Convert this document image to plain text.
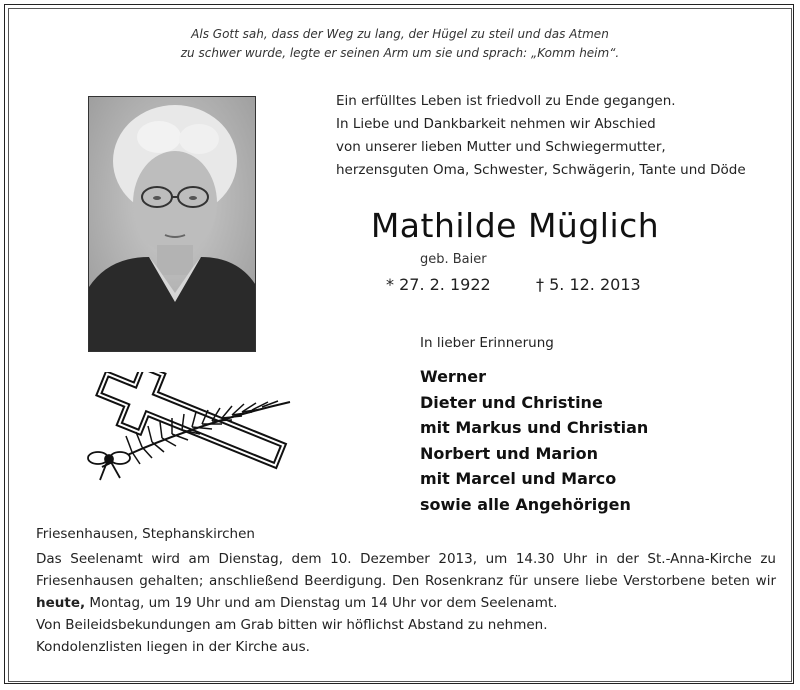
Als Gott sah, dass der Weg zu lang, der Hügel zu steil und das Atmen
zu schwer wurde, legte er seinen Arm um sie und sprach: „Komm heim“.
Ein erfülltes Leben ist friedvoll zu Ende gegangen.
In Liebe und Dankbarkeit nehmen wir Abschied
von unserer lieben Mutter und Schwiegermutter,
herzensguten Oma, Schwester, Schwägerin, Tante und Döde
Mathilde Müglich
geb. Baier
* 27. 2. 1922	† 5. 12. 2013
In lieber Erinnerung
Werner
Dieter und Christine
mit Markus und Christian
Norbert und Marion
mit Marcel und Marco
sowie alle Angehörigen
Friesenhausen, Stephanskirchen
Das Seelenamt wird am Dienstag, dem 10. Dezember 2013, um 14.30 Uhr in der St.-Anna-Kirche zu Friesenhausen gehalten; anschließend Beerdigung. Den Rosenkranz für unsere liebe Verstorbene beten wir heute, Montag, um 19 Uhr und am Dienstag um 14 Uhr vor dem Seelenamt.
Von Beileidsbekundungen am Grab bitten wir höflichst Abstand zu nehmen.
Kondolenzlisten liegen in der Kirche aus.
